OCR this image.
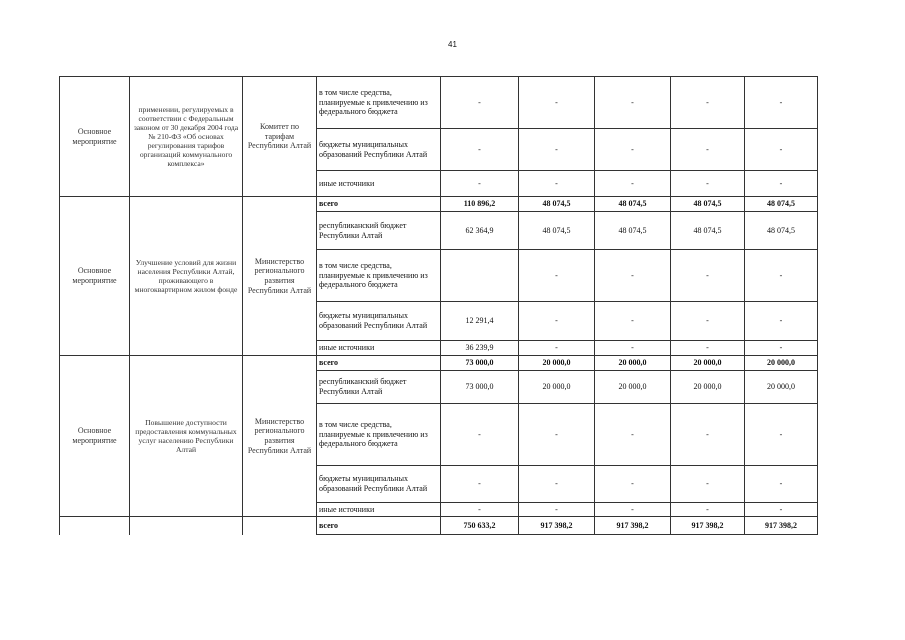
41
Основное мероприятие	применении, регулируемых в соответствии с Федеральным законом от 30 декабря 2004 года № 210-ФЗ «Об основах регулирования тарифов организаций коммунального комплекса»	Комитет по тарифам Республики Алтай	в том числе средства, планируемые к привлечению из федерального бюджета	-	-	-	-	-
			бюджеты муниципальных образований Республики Алтай	-	-	-	-	-
			иные источники	-	-	-	-	-
Основное мероприятие	Улучшение условий для жизни населения Республики Алтай, проживающего в многоквартирном жилом фонде	Министерство регионального развития Республики Алтай	всего	110 896,2	48 074,5	48 074,5	48 074,5	48 074,5
			республиканский бюджет Республики Алтай	62 364,9	48 074,5	48 074,5	48 074,5	48 074,5
			в том числе средства, планируемые к привлечению из федерального бюджета		-	-	-	-
			бюджеты муниципальных образований Республики Алтай	12 291,4	-	-	-	-
			иные источники	36 239,9	-	-	-	-
Основное мероприятие	Повышение доступности предоставления коммунальных услуг населению Республики Алтай	Министерство регионального развития Республики Алтай	всего	73 000,0	20 000,0	20 000,0	20 000,0	20 000,0
			республиканский бюджет Республики Алтай	73 000,0	20 000,0	20 000,0	20 000,0	20 000,0
			в том числе средства, планируемые к привлечению из федерального бюджета	-	-	-	-	-
			бюджеты муниципальных образований Республики Алтай	-	-	-	-	-
			иные источники	-	-	-	-	-
			всего	750 633,2	917 398,2	917 398,2	917 398,2	917 398,2
